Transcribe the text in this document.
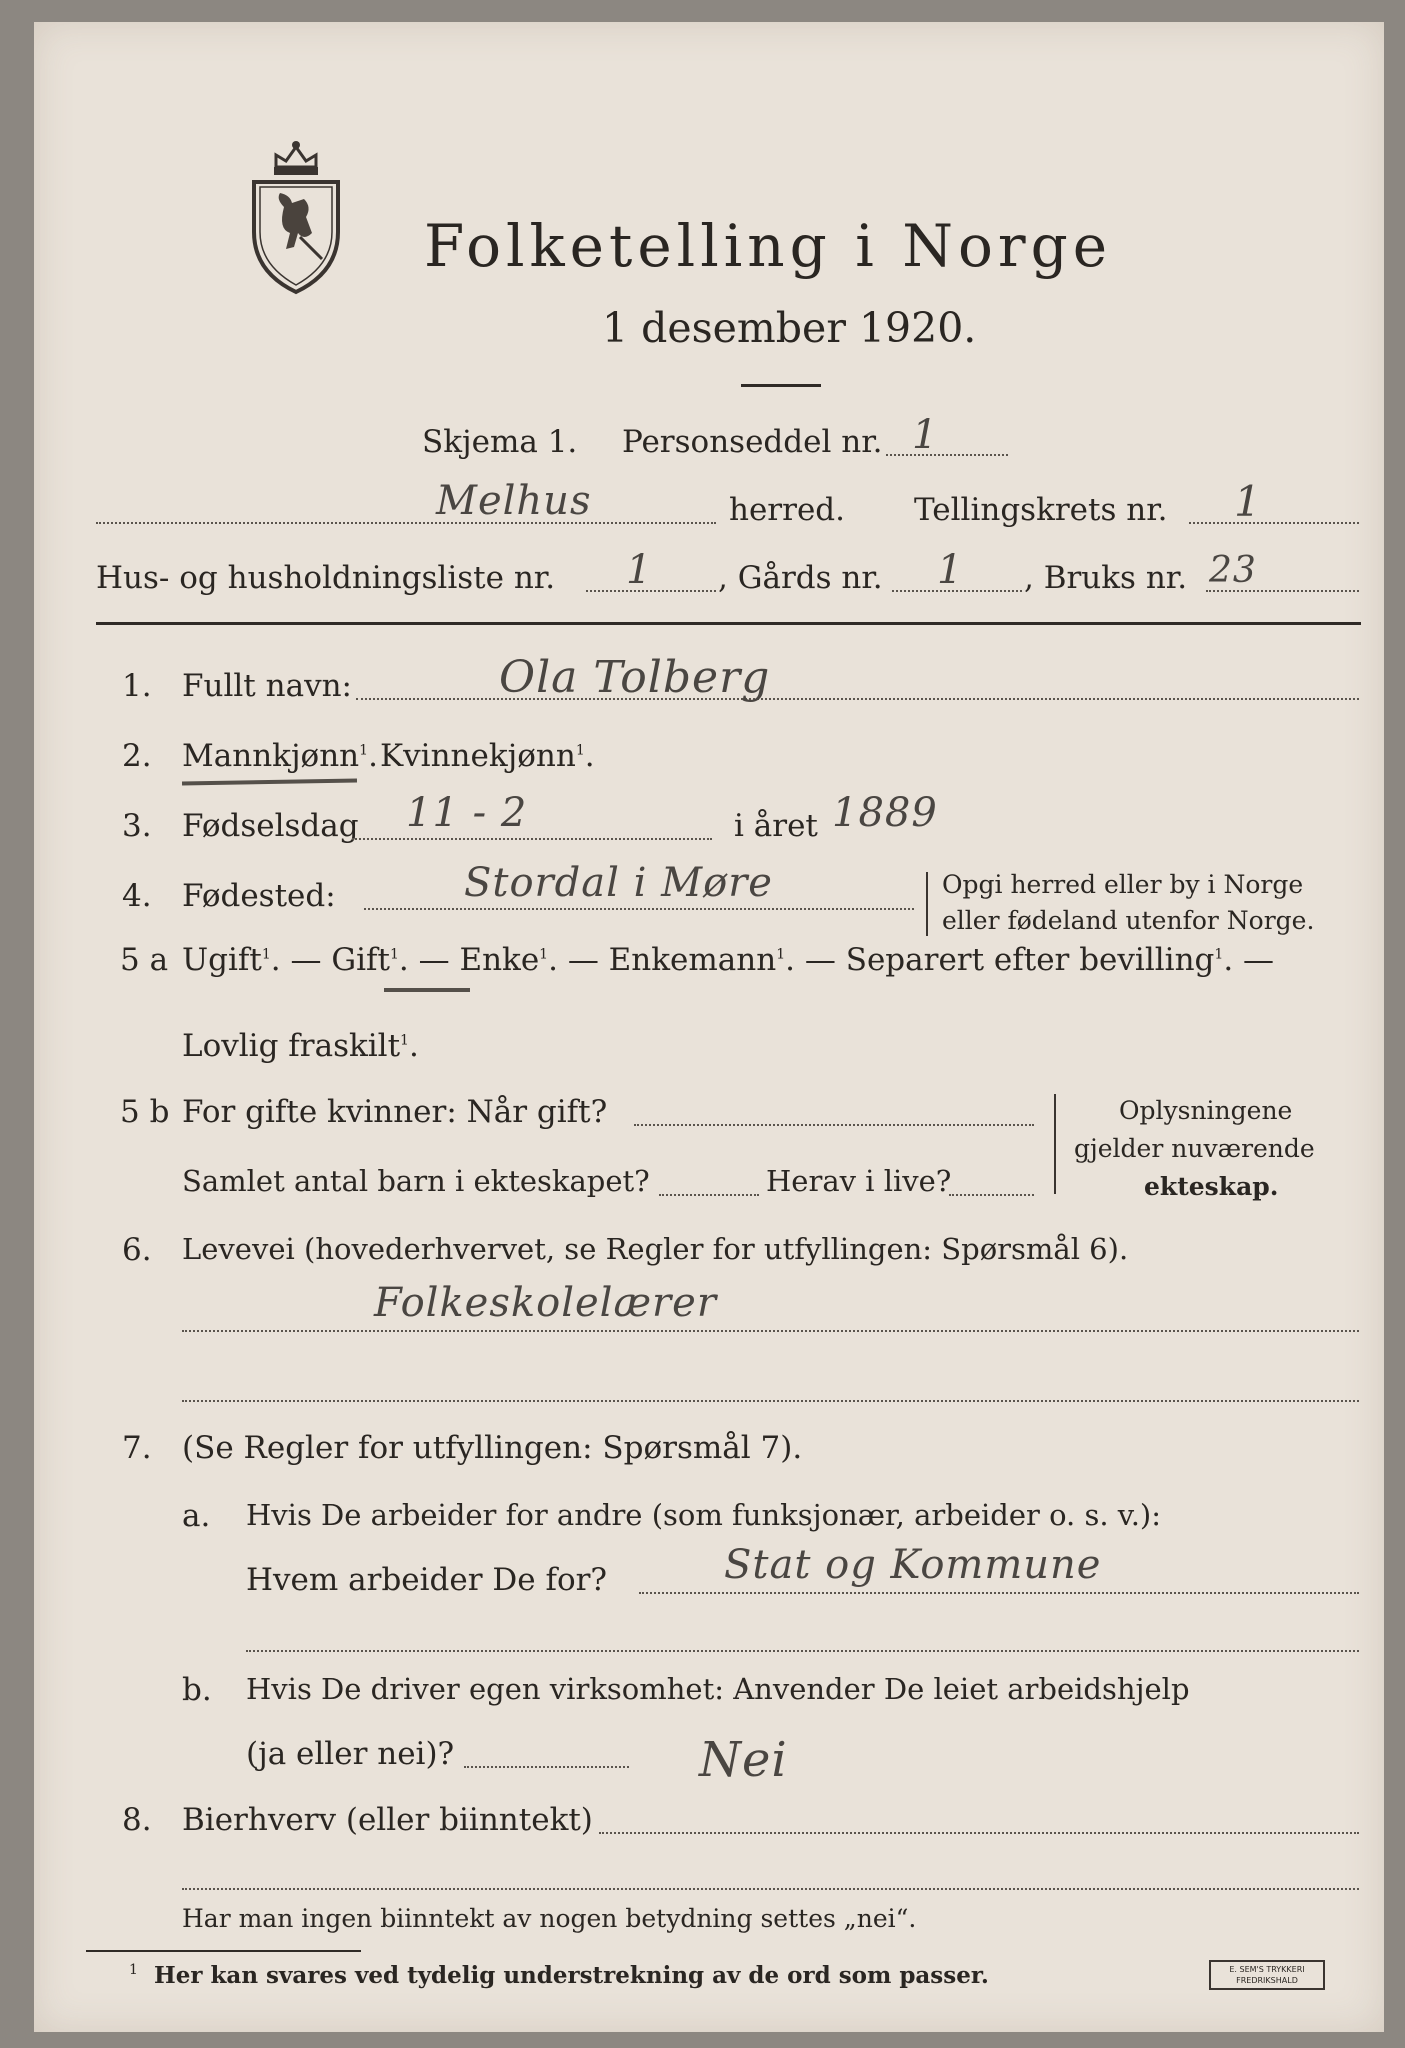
Folketelling i Norge
1 desember 1920.
Skjema 1. Personseddel nr. 1
Melhus	herred. Tellingskrets nr. 1
Hus- og husholdningsliste nr. 1 , Gårds nr. 1 , Bruks nr. 23
1. Fullt navn:	Ola Tolberg
2. Mannkjønn$^1$. Kvinnekjønn$^1$.
3. Fødselsdag 11 - 2	i året 1889
4. Fødested:	Stordal i Møre	Opgi herred eller by i Norge
eller fødeland utenfor Norge.
5 a Ugift$^1$. — Gift$^1$. — Enke$^1$. — Enkemann$^1$. — Separert efter bevilling$^1$. —
Lovlig fraskilt$^1$.
5 b For gifte kvinner: Når gift?
Samlet antal barn i ekteskapet?	Herav i live?
Oplysningene
gjelder nuværende
ekteskap.
6. Levevei (hovederhvervet, se Regler for utfyllingen: Spørsmål 6).
Folkeskolelærer
7. (Se Regler for utfyllingen: Spørsmål 7).
a. Hvis De arbeider for andre (som funksjonær, arbeider o. s. v.):
Hvem arbeider De for?	Stat og Kommune
b. Hvis De driver egen virksomhet: Anvender De leiet arbeidshjelp
(ja eller nei)?	Nei
8. Bierhverv (eller biinntekt)
Har man ingen biinntekt av nogen betydning settes „nei“.
1 Her kan svares ved tydelig understrekning av de ord som passer.	E. SEM'S TRYKKERI
FREDRIKSHALD
